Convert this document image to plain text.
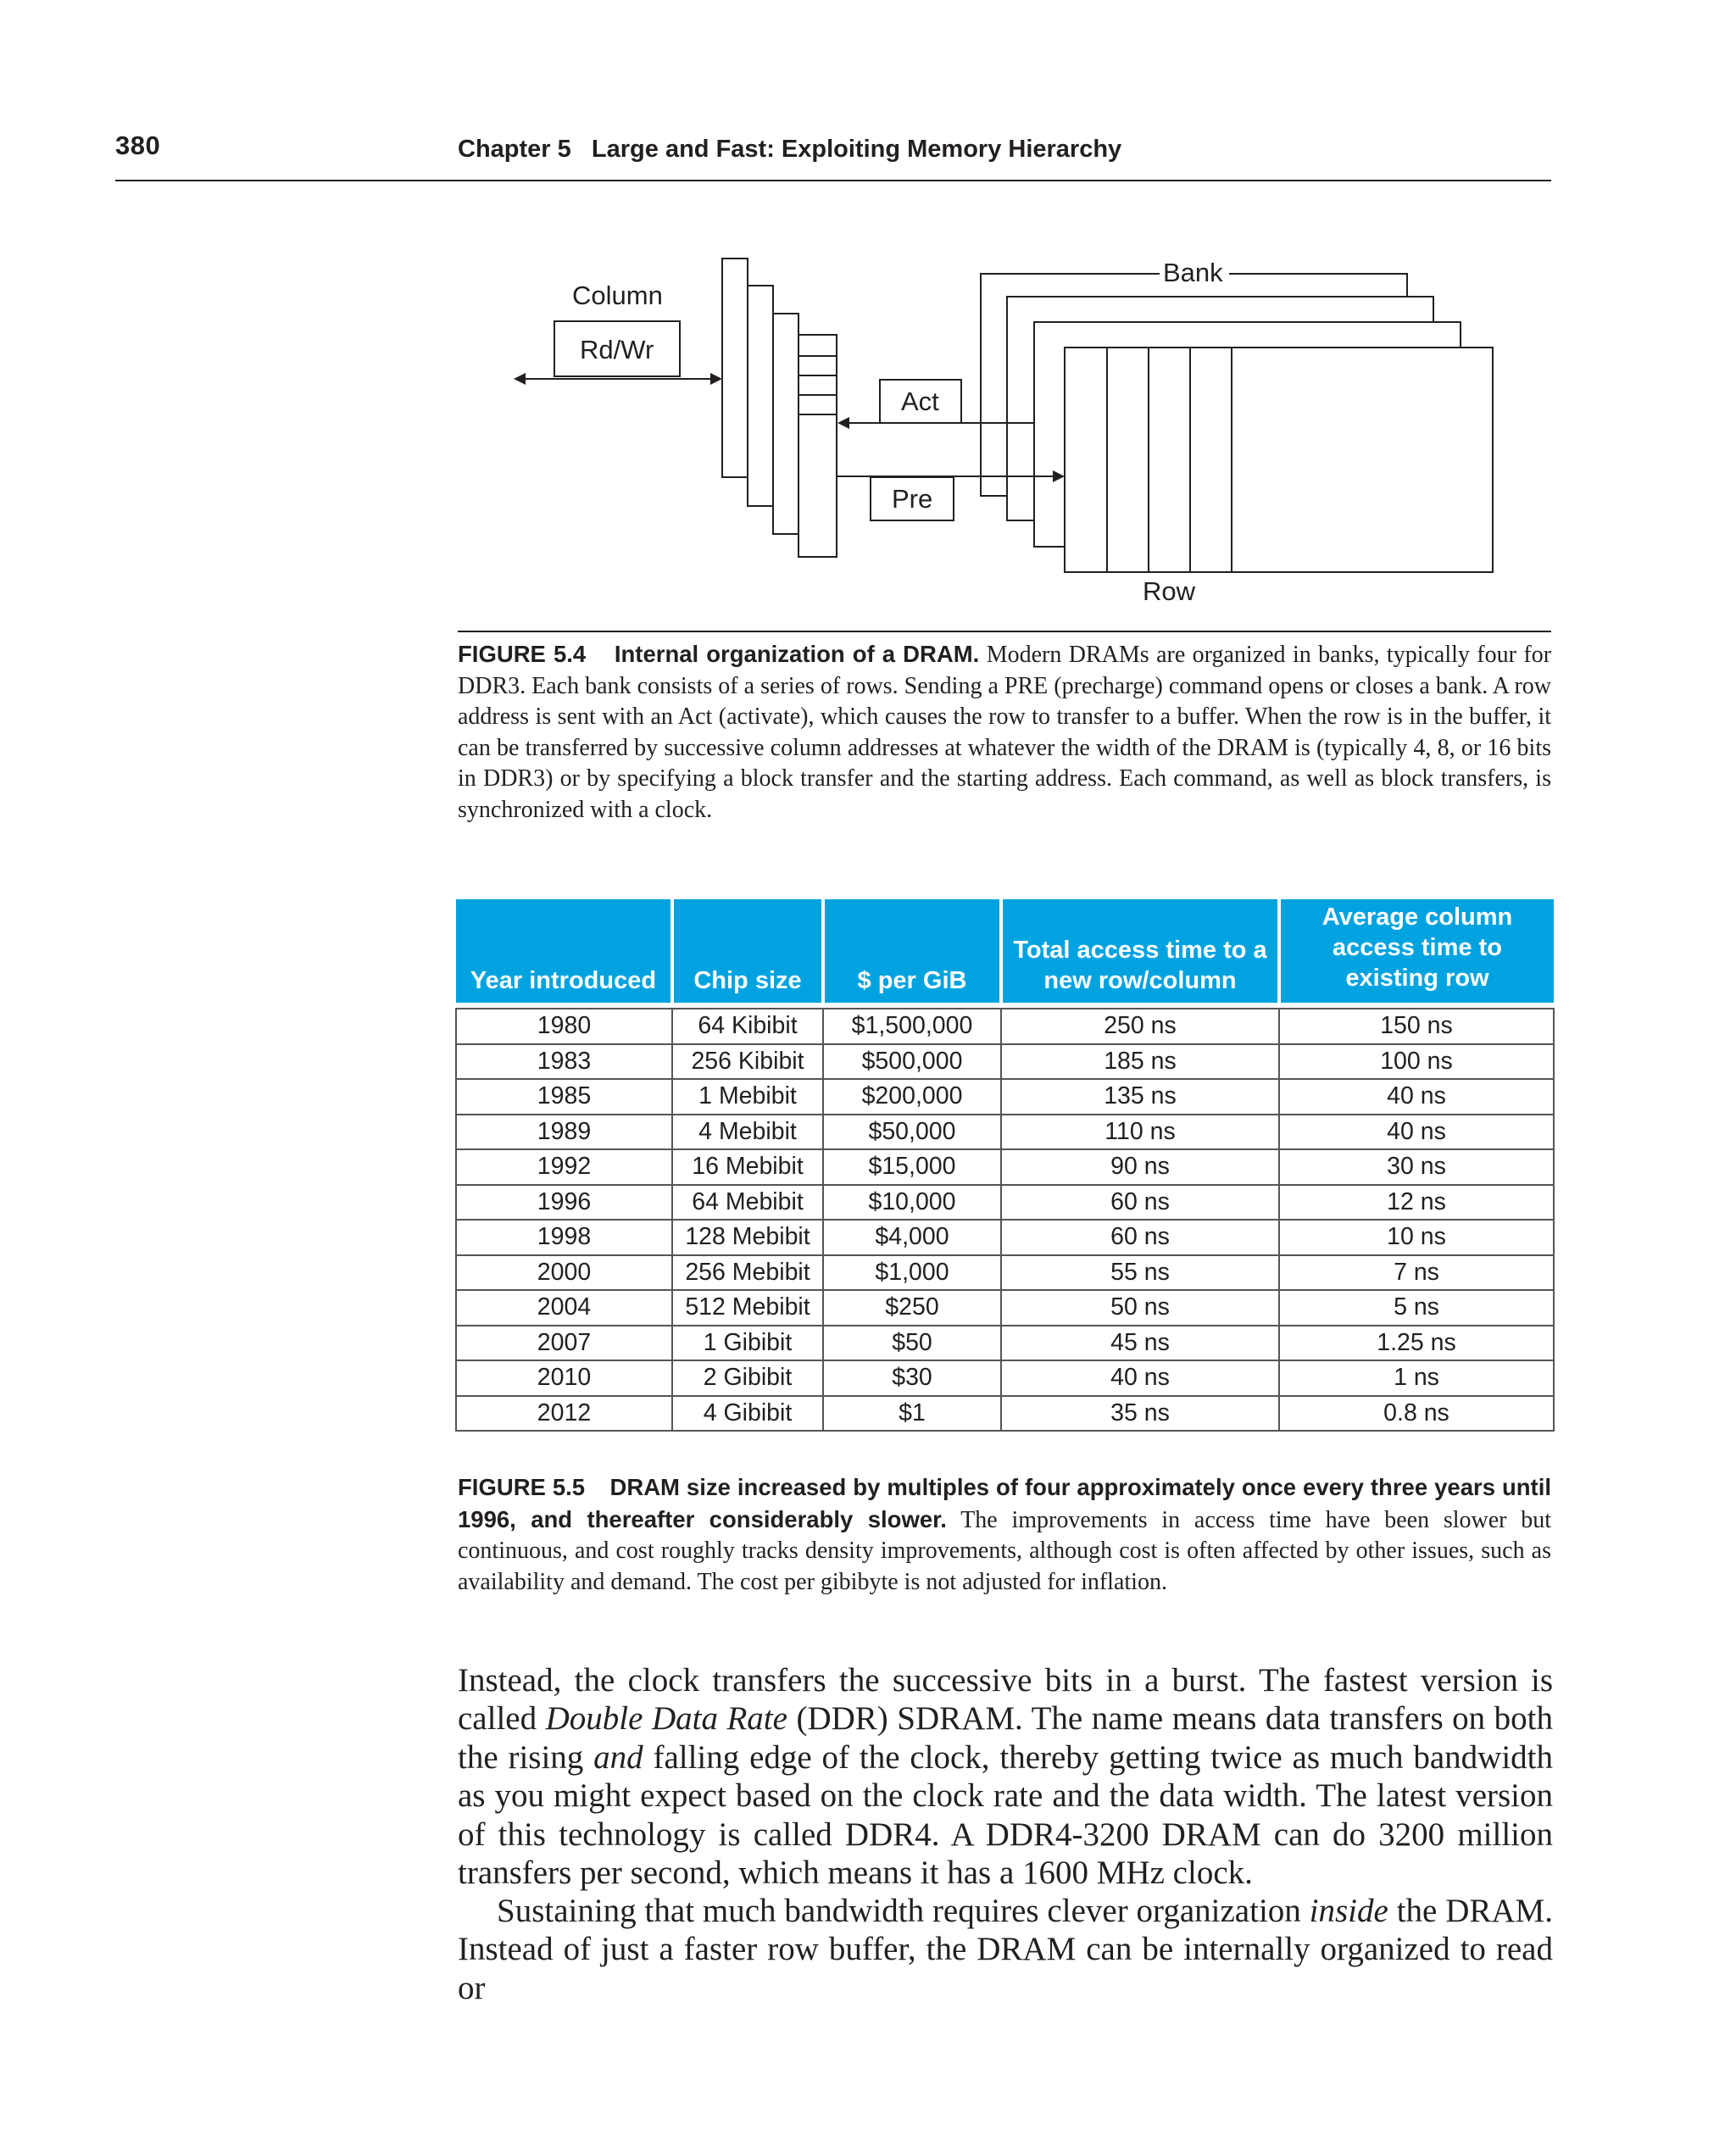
380	Chapter 5   Large and Fast: Exploiting Memory Hierarchy
Bank
Column
Rd/Wr
Act
Pre
Row
FIGURE 5.4 Internal organization of a DRAM. Modern DRAMs are organized in banks, typically four for DDR3. Each bank consists of a series of rows. Sending a PRE (precharge) command opens or closes a bank. A row address is sent with an Act (activate), which causes the row to transfer to a buffer. When the row is in the buffer, it can be transferred by successive column addresses at whatever the width of the DRAM is (typically 4, 8, or 16 bits in DDR3) or by specifying a block transfer and the starting address. Each command, as well as block transfers, is synchronized with a clock.
Year introduced	Chip size	$ per GiB	Total access time to a new row/column	Average column access time to existing row

1980	64 Kibibit	$1,500,000	250 ns	150 ns
1983	256 Kibibit	$500,000	185 ns	100 ns
1985	1 Mebibit	$200,000	135 ns	40 ns
1989	4 Mebibit	$50,000	110 ns	40 ns
1992	16 Mebibit	$15,000	90 ns	30 ns
1996	64 Mebibit	$10,000	60 ns	12 ns
1998	128 Mebibit	$4,000	60 ns	10 ns
2000	256 Mebibit	$1,000	55 ns	7 ns
2004	512 Mebibit	$250	50 ns	5 ns
2007	1 Gibibit	$50	45 ns	1.25 ns
2010	2 Gibibit	$30	40 ns	1 ns
2012	4 Gibibit	$1	35 ns	0.8 ns
FIGURE 5.5 DRAM size increased by multiples of four approximately once every three years until 1996, and thereafter considerably slower. The improvements in access time have been slower but continuous, and cost roughly tracks density improvements, although cost is often affected by other issues, such as availability and demand. The cost per gibibyte is not adjusted for inflation.
Instead, the clock transfers the successive bits in a burst. The fastest version is called Double Data Rate (DDR) SDRAM. The name means data transfers on both the rising and falling edge of the clock, thereby getting twice as much bandwidth as you might expect based on the clock rate and the data width. The latest version of this technology is called DDR4. A DDR4-3200 DRAM can do 3200 million transfers per second, which means it has a 1600 MHz clock.
Sustaining that much bandwidth requires clever organization inside the DRAM. Instead of just a faster row buffer, the DRAM can be internally organized to read or
